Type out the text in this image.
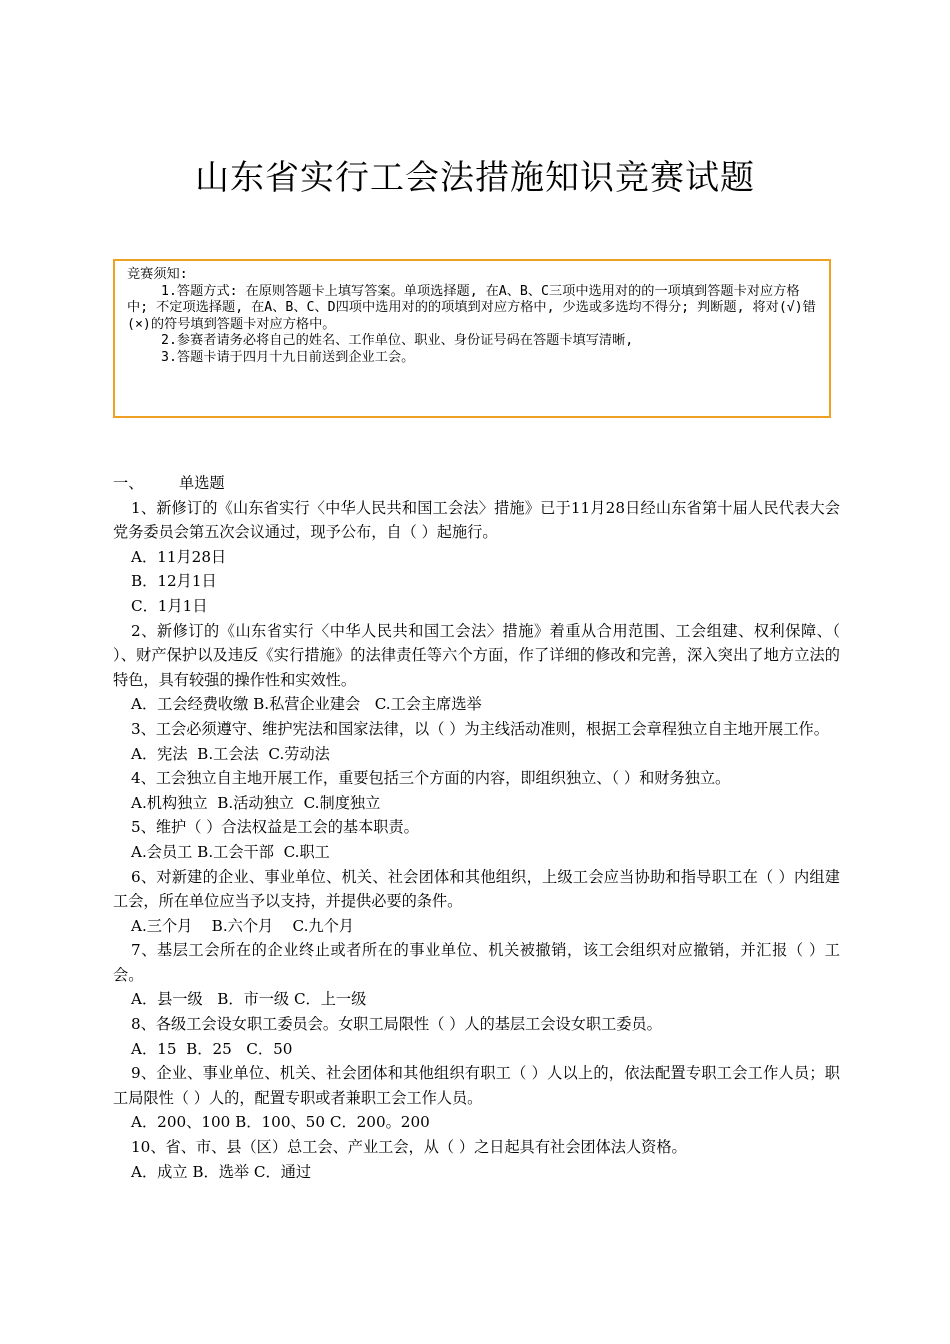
山东省实行工会法措施知识竞赛试题

竞赛须知:

1.答题方式: 在原则答题卡上填写答案。单项选择题, 在A、B、C三项中选用对的的一项填到答题卡对应方格中; 不定项选择题, 在A、B、C、D四项中选用对的的项填到对应方格中, 少选或多选均不得分; 判断题, 将对(√)错(×)的符号填到答题卡对应方格中。

2.参赛者请务必将自己的姓名、工作单位、职业、身份证号码在答题卡填写清晰,

3.答题卡请于四月十九日前送到企业工会。

一、 单选题

1、新修订的《山东省实行〈中华人民共和国工会法〉措施》已于11月28日经山东省第十届人民代表大会党务委员会第五次会议通过，现予公布，自（ ）起施行。

A．11月28日

B．12月1日

C．1月1日

2、新修订的《山东省实行〈中华人民共和国工会法〉措施》着重从合用范围、工会组建、权利保障、（ ）、财产保护以及违反《实行措施》的法律责任等六个方面，作了详细的修改和完善，深入突出了地方立法的特色，具有较强的操作性和实效性。

A．工会经费收缴 B.私营企业建会   C.工会主席选举

3、工会必须遵守、维护宪法和国家法律，以（ ）为主线活动准则，根据工会章程独立自主地开展工作。

A．宪法  B.工会法  C.劳动法

4、工会独立自主地开展工作，重要包括三个方面的内容，即组织独立、（ ）和财务独立。

A.机构独立  B.活动独立  C.制度独立

5、维护（ ）合法权益是工会的基本职责。

A.会员工 B.工会干部  C.职工

6、对新建的企业、事业单位、机关、社会团体和其他组织，上级工会应当协助和指导职工在（ ）内组建工会，所在单位应当予以支持，并提供必要的条件。

A.三个月    B.六个月    C.九个月

7、基层工会所在的企业终止或者所在的事业单位、机关被撤销，该工会组织对应撤销，并汇报（ ）工会。

A．县一级   B．市一级 C．上一级

8、各级工会设女职工委员会。女职工局限性（ ）人的基层工会设女职工委员。

A．15  B．25   C．50

9、企业、事业单位、机关、社会团体和其他组织有职工（ ）人以上的，依法配置专职工会工作人员；职工局限性（ ）人的，配置专职或者兼职工会工作人员。

A．200、100 B．100、50 C．200。200

10、省、市、县（区）总工会、产业工会，从（ ）之日起具有社会团体法人资格。

A．成立 B．选举 C．通过
